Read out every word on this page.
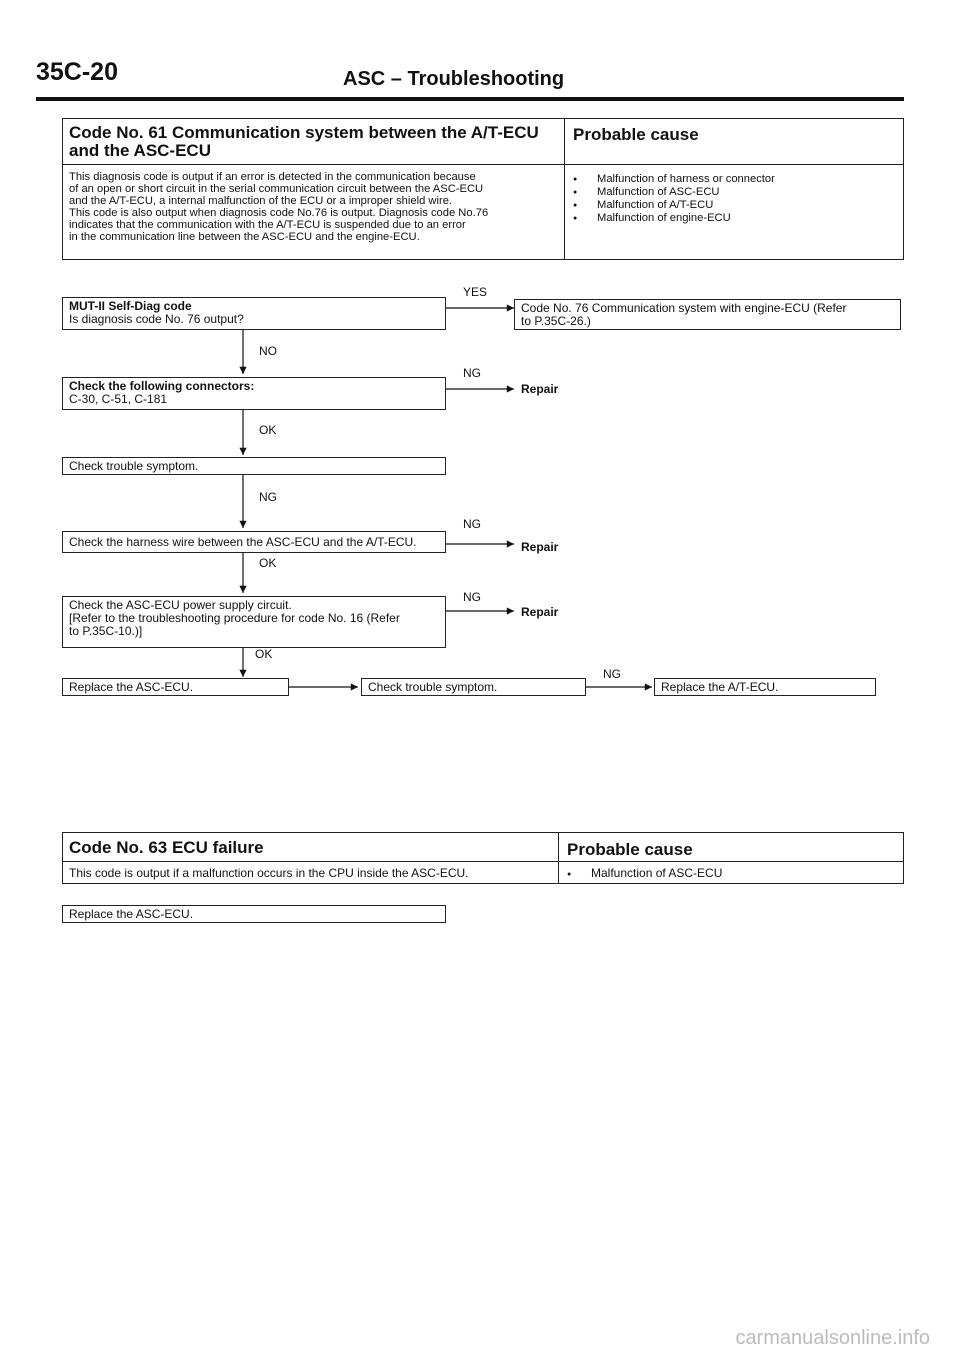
35C-20	ASC – Troubleshooting
Code No. 61 Communication system between the A/T-ECU
and the ASC-ECU
Probable cause
This diagnosis code is output if an error is detected in the communication because
of an open or short circuit in the serial communication circuit between the ASC-ECU
and the A/T-ECU, a internal malfunction of the ECU or a improper shield wire.
This code is also output when diagnosis code No.76 is output. Diagnosis code No.76
indicates that the communication with the A/T-ECU is suspended due to an error
in the communication line between the ASC-ECU and the engine-ECU.
● Malfunction of harness or connector
● Malfunction of ASC-ECU
● Malfunction of A/T-ECU
● Malfunction of engine-ECU
MUT-II Self-Diag code
Is diagnosis code No. 76 output?
YES
Code No. 76 Communication system with engine-ECU (Refer
to P.35C-26.)
NO
Check the following connectors:
C-30, C-51, C-181
NG
Repair
OK
Check trouble symptom.
NG
Check the harness wire between the ASC-ECU and the A/T-ECU.
NG
Repair
OK
Check the ASC-ECU power supply circuit.
[Refer to the troubleshooting procedure for code No. 16 (Refer
to P.35C-10.)]
NG
Repair
OK
Replace the ASC-ECU.	Check trouble symptom.
NG
Replace the A/T-ECU.
Code No. 63 ECU failure	Probable cause
This code is output if a malfunction occurs in the CPU inside the ASC-ECU.
●	Malfunction of ASC-ECU
Replace the ASC-ECU.
carmanualsonline.info
